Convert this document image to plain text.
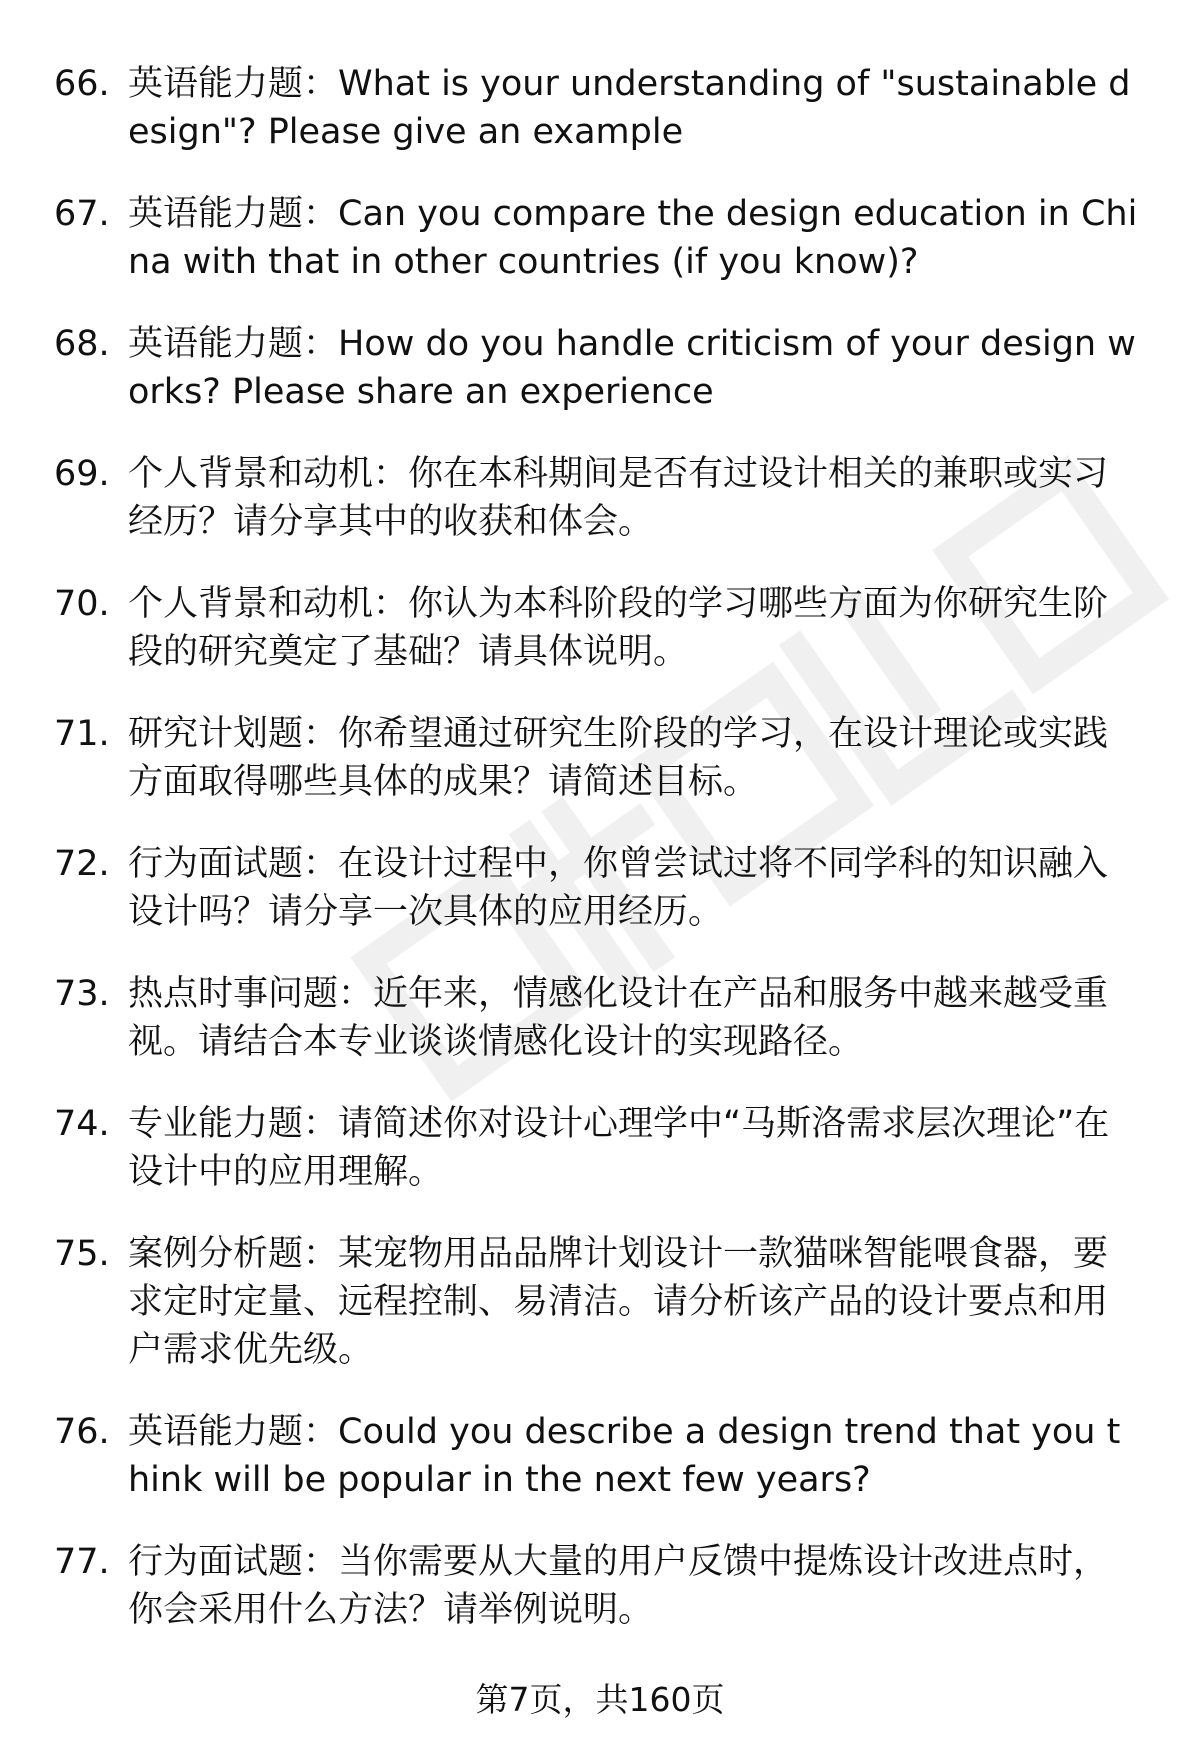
66. 英语能力题：What is your understanding of "sustainable design"? Please give an example
67. 英语能力题：Can you compare the design education in China with that in other countries (if you know)?
68. 英语能力题：How do you handle criticism of your design works? Please share an experience
69. 个人背景和动机：你在本科期间是否有过设计相关的兼职或实习经历？请分享其中的收获和体会。
70. 个人背景和动机：你认为本科阶段的学习哪些方面为你研究生阶段的研究奠定了基础？请具体说明。
71. 研究计划题：你希望通过研究生阶段的学习，在设计理论或实践方面取得哪些具体的成果？请简述目标。
72. 行为面试题：在设计过程中，你曾尝试过将不同学科的知识融入设计吗？请分享一次具体的应用经历。
73. 热点时事问题：近年来，情感化设计在产品和服务中越来越受重视。请结合本专业谈谈情感化设计的实现路径。
74. 专业能力题：请简述你对设计心理学中“马斯洛需求层次理论”在设计中的应用理解。
75. 案例分析题：某宠物用品品牌计划设计一款猫咪智能喂食器，要求定时定量、远程控制、易清洁。请分析该产品的设计要点和用户需求优先级。
76. 英语能力题：Could you describe a design trend that you think will be popular in the next few years?
77. 行为面试题：当你需要从大量的用户反馈中提炼设计改进点时，你会采用什么方法？请举例说明。
第7页，共160页
